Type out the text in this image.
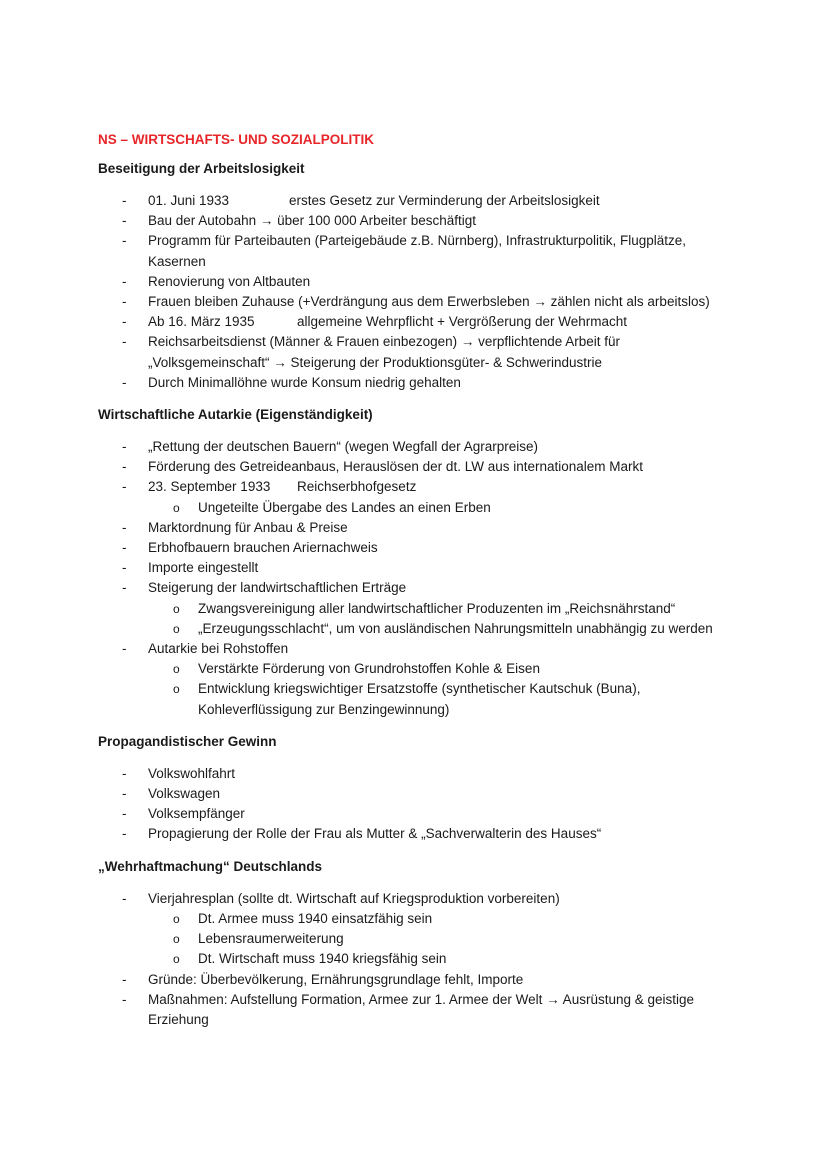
NS – WIRTSCHAFTS- UND SOZIALPOLITIK
Beseitigung der Arbeitslosigkeit
- 01. Juni 1933	erstes Gesetz zur Verminderung der Arbeitslosigkeit
- Bau der Autobahn → über 100 000 Arbeiter beschäftigt
- Programm für Parteibauten (Parteigebäude z.B. Nürnberg), Infrastrukturpolitik, Flugplätze, Kasernen
- Renovierung von Altbauten
- Frauen bleiben Zuhause (+Verdrängung aus dem Erwerbsleben → zählen nicht als arbeitslos)
- Ab 16. März 1935	allgemeine Wehrpflicht + Vergrößerung der Wehrmacht
- Reichsarbeitsdienst (Männer & Frauen einbezogen) → verpflichtende Arbeit für „Volksgemeinschaft“ → Steigerung der Produktionsgüter- & Schwerindustrie
- Durch Minimallöhne wurde Konsum niedrig gehalten
Wirtschaftliche Autarkie (Eigenständigkeit)
- „Rettung der deutschen Bauern“ (wegen Wegfall der Agrarpreise)
- Förderung des Getreideanbaus, Herauslösen der dt. LW aus internationalem Markt
- 23. September 1933 Reichserbhofgesetz
o Ungeteilte Übergabe des Landes an einen Erben
- Marktordnung für Anbau & Preise
- Erbhofbauern brauchen Ariernachweis
- Importe eingestellt
- Steigerung der landwirtschaftlichen Erträge
o Zwangsvereinigung aller landwirtschaftlicher Produzenten im „Reichsnährstand“
o „Erzeugungsschlacht“, um von ausländischen Nahrungsmitteln unabhängig zu werden
- Autarkie bei Rohstoffen
o Verstärkte Förderung von Grundrohstoffen Kohle & Eisen
o Entwicklung kriegswichtiger Ersatzstoffe (synthetischer Kautschuk (Buna), Kohleverflüssigung zur Benzingewinnung)
Propagandistischer Gewinn
- Volkswohlfahrt
- Volkswagen
- Volksempfänger
- Propagierung der Rolle der Frau als Mutter & „Sachverwalterin des Hauses“
„Wehrhaftmachung“ Deutschlands
- Vierjahresplan (sollte dt. Wirtschaft auf Kriegsproduktion vorbereiten)
o Dt. Armee muss 1940 einsatzfähig sein
o Lebensraumerweiterung
o Dt. Wirtschaft muss 1940 kriegsfähig sein
- Gründe: Überbevölkerung, Ernährungsgrundlage fehlt, Importe
- Maßnahmen: Aufstellung Formation, Armee zur 1. Armee der Welt → Ausrüstung & geistige Erziehung
